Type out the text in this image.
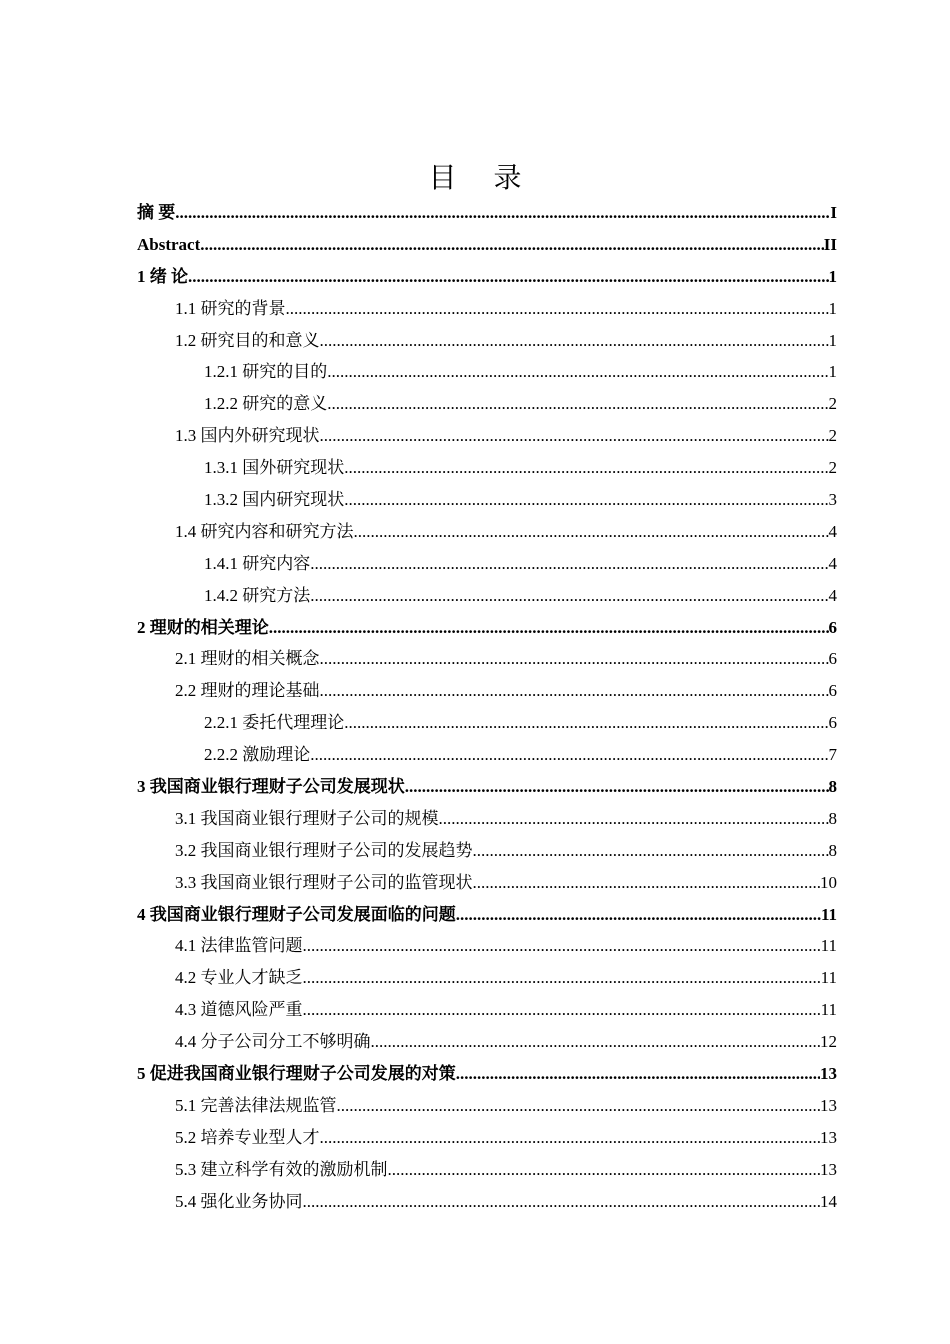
目 录
摘 要 .....	I
Abstract .....	II
1 绪 论 .....	1
1.1 研究的背景 .....	1
1.2 研究目的和意义 .....	1
1.2.1 研究的目的 .....	1
1.2.2 研究的意义 .....	2
1.3 国内外研究现状 .....	2
1.3.1 国外研究现状 .....	2
1.3.2 国内研究现状 .....	3
1.4 研究内容和研究方法 .....	4
1.4.1 研究内容 .....	4
1.4.2 研究方法 .....	4
2 理财的相关理论 .....	6
2.1 理财的相关概念 .....	6
2.2 理财的理论基础 .....	6
2.2.1 委托代理理论 .....	6
2.2.2 激励理论 .....	7
3 我国商业银行理财子公司发展现状 .....	8
3.1 我国商业银行理财子公司的规模 .....	8
3.2 我国商业银行理财子公司的发展趋势 .....	8
3.3 我国商业银行理财子公司的监管现状 .....	10
4 我国商业银行理财子公司发展面临的问题 .....	11
4.1 法律监管问题 .....	11
4.2 专业人才缺乏 .....	11
4.3 道德风险严重 .....	11
4.4 分子公司分工不够明确 .....	12
5 促进我国商业银行理财子公司发展的对策 .....	13
5.1 完善法律法规监管 .....	13
5.2 培养专业型人才 .....	13
5.3 建立科学有效的激励机制 .....	13
5.4 强化业务协同 .....	14
